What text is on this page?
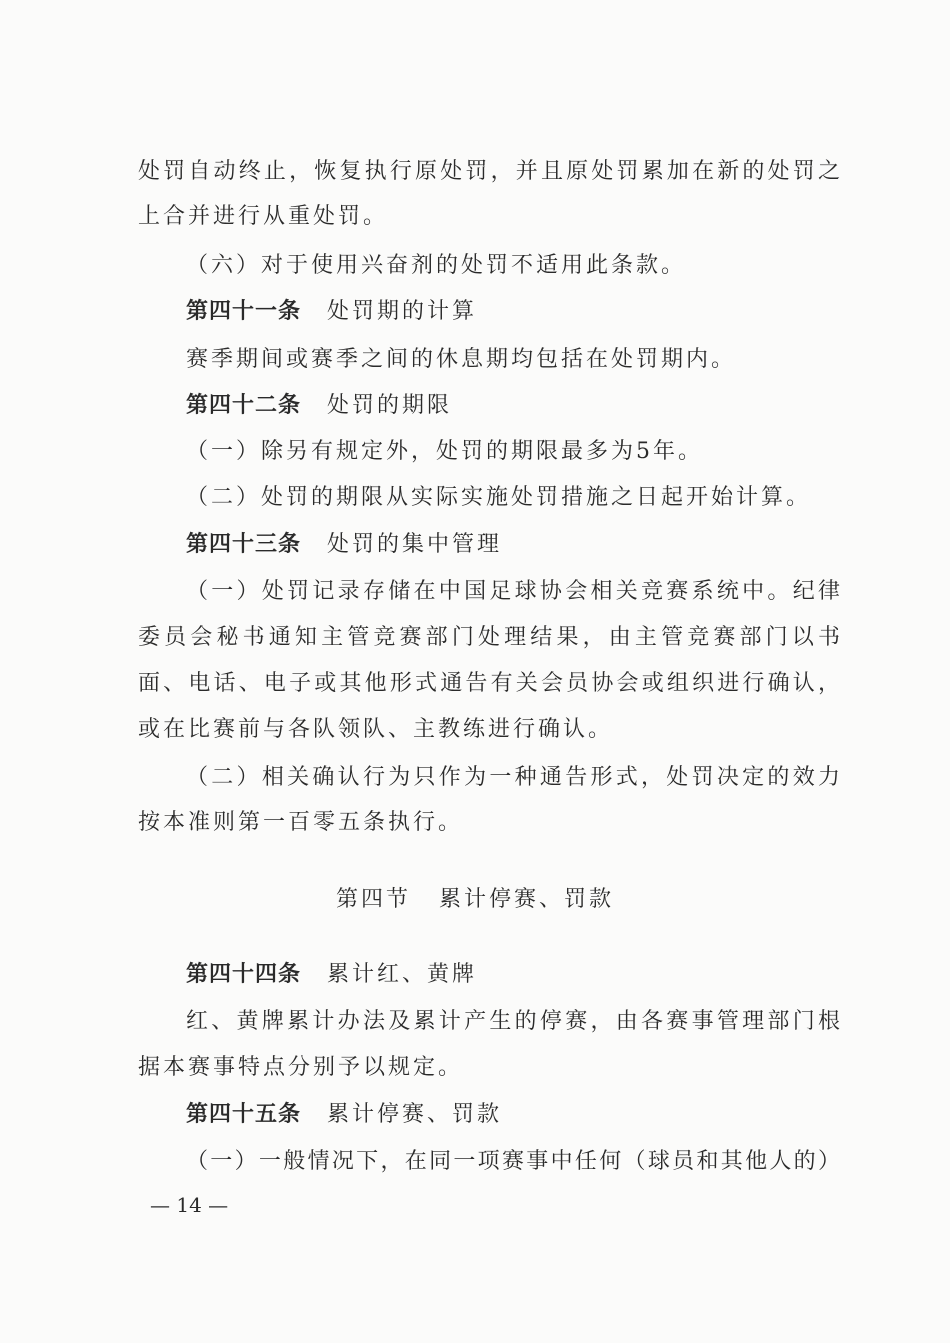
处罚自动终止，恢复执行原处罚，并且原处罚累加在新的处罚之
上合并进行从重处罚。
（六）对于使用兴奋剂的处罚不适用此条款。
第四十一条 处罚期的计算
赛季期间或赛季之间的休息期均包括在处罚期内。
第四十二条 处罚的期限
（一）除另有规定外，处罚的期限最多为5年。
（二）处罚的期限从实际实施处罚措施之日起开始计算。
第四十三条 处罚的集中管理
（一）处罚记录存储在中国足球协会相关竞赛系统中。纪律
委员会秘书通知主管竞赛部门处理结果，由主管竞赛部门以书
面、电话、电子或其他形式通告有关会员协会或组织进行确认，
或在比赛前与各队领队、主教练进行确认。
（二）相关确认行为只作为一种通告形式，处罚决定的效力
按本准则第一百零五条执行。
第四节 累计停赛、罚款
第四十四条 累计红、黄牌
红、黄牌累计办法及累计产生的停赛，由各赛事管理部门根
据本赛事特点分别予以规定。
第四十五条 累计停赛、罚款
（一）一般情况下，在同一项赛事中任何（球员和其他人的）
— 14 —
